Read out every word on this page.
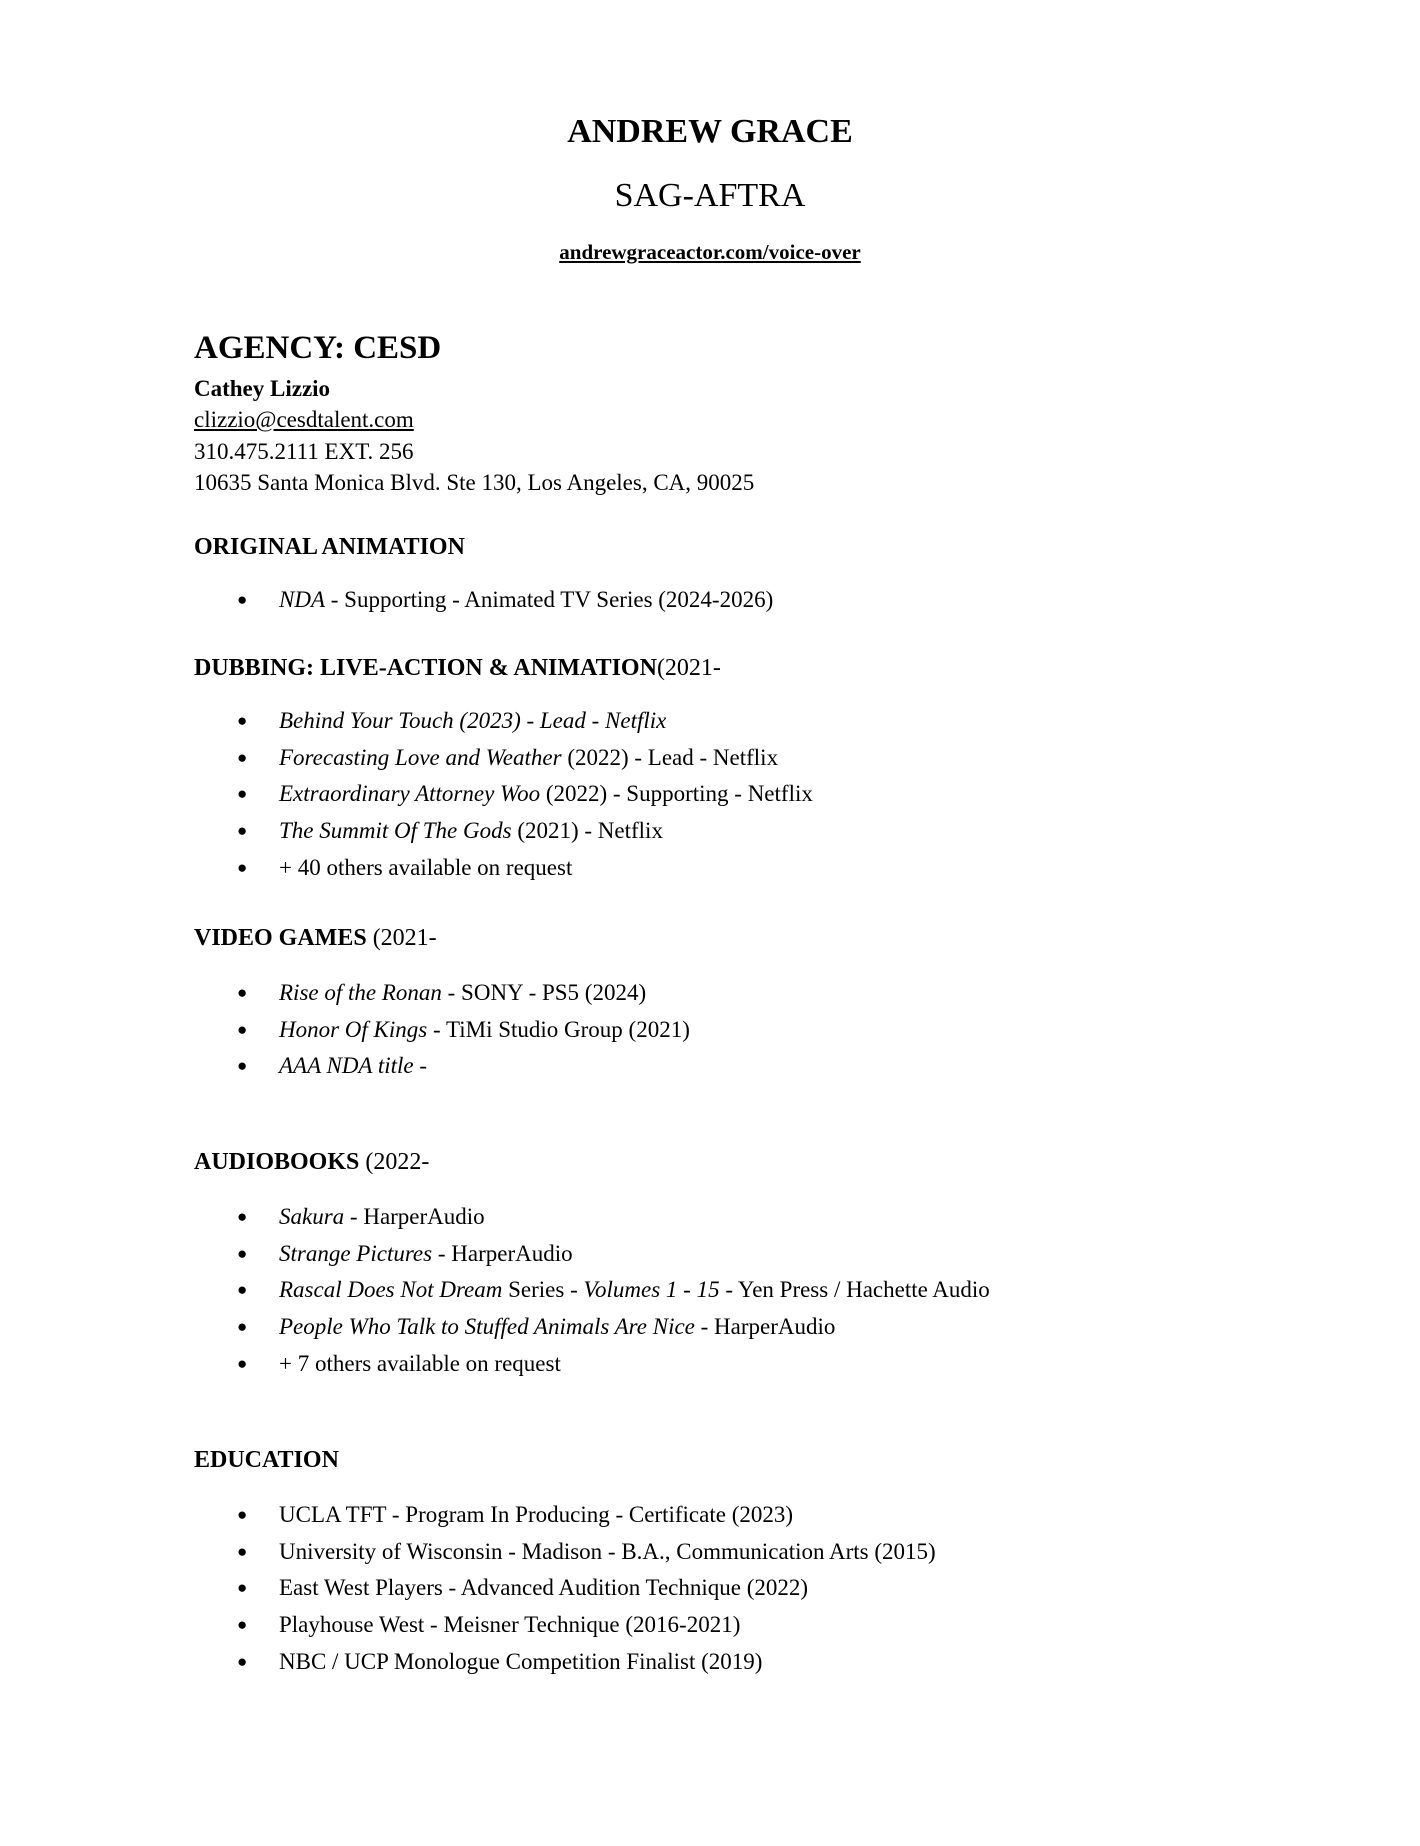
ANDREW GRACE
SAG-AFTRA
andrewgraceactor.com/voice-over
AGENCY: CESD
Cathey Lizzio
clizzio@cesdtalent.com
310.475.2111 EXT. 256
10635 Santa Monica Blvd. Ste 130, Los Angeles, CA, 90025
ORIGINAL ANIMATION
● NDA - Supporting - Animated TV Series (2024-2026)
DUBBING: LIVE-ACTION & ANIMATION(2021-
● Behind Your Touch (2023) - Lead - Netflix
● Forecasting Love and Weather (2022) - Lead - Netflix
● Extraordinary Attorney Woo (2022) - Supporting - Netflix
● The Summit Of The Gods (2021) - Netflix
● + 40 others available on request
VIDEO GAMES (2021-
● Rise of the Ronan - SONY - PS5 (2024)
● Honor Of Kings - TiMi Studio Group (2021)
● AAA NDA title -
AUDIOBOOKS (2022-
● Sakura - HarperAudio
● Strange Pictures - HarperAudio
● Rascal Does Not Dream Series - Volumes 1 - 15 - Yen Press / Hachette Audio
● People Who Talk to Stuffed Animals Are Nice - HarperAudio
● + 7 others available on request
EDUCATION
● UCLA TFT - Program In Producing - Certificate (2023)
● University of Wisconsin - Madison - B.A., Communication Arts (2015)
● East West Players - Advanced Audition Technique (2022)
● Playhouse West - Meisner Technique (2016-2021)
● NBC / UCP Monologue Competition Finalist (2019)
